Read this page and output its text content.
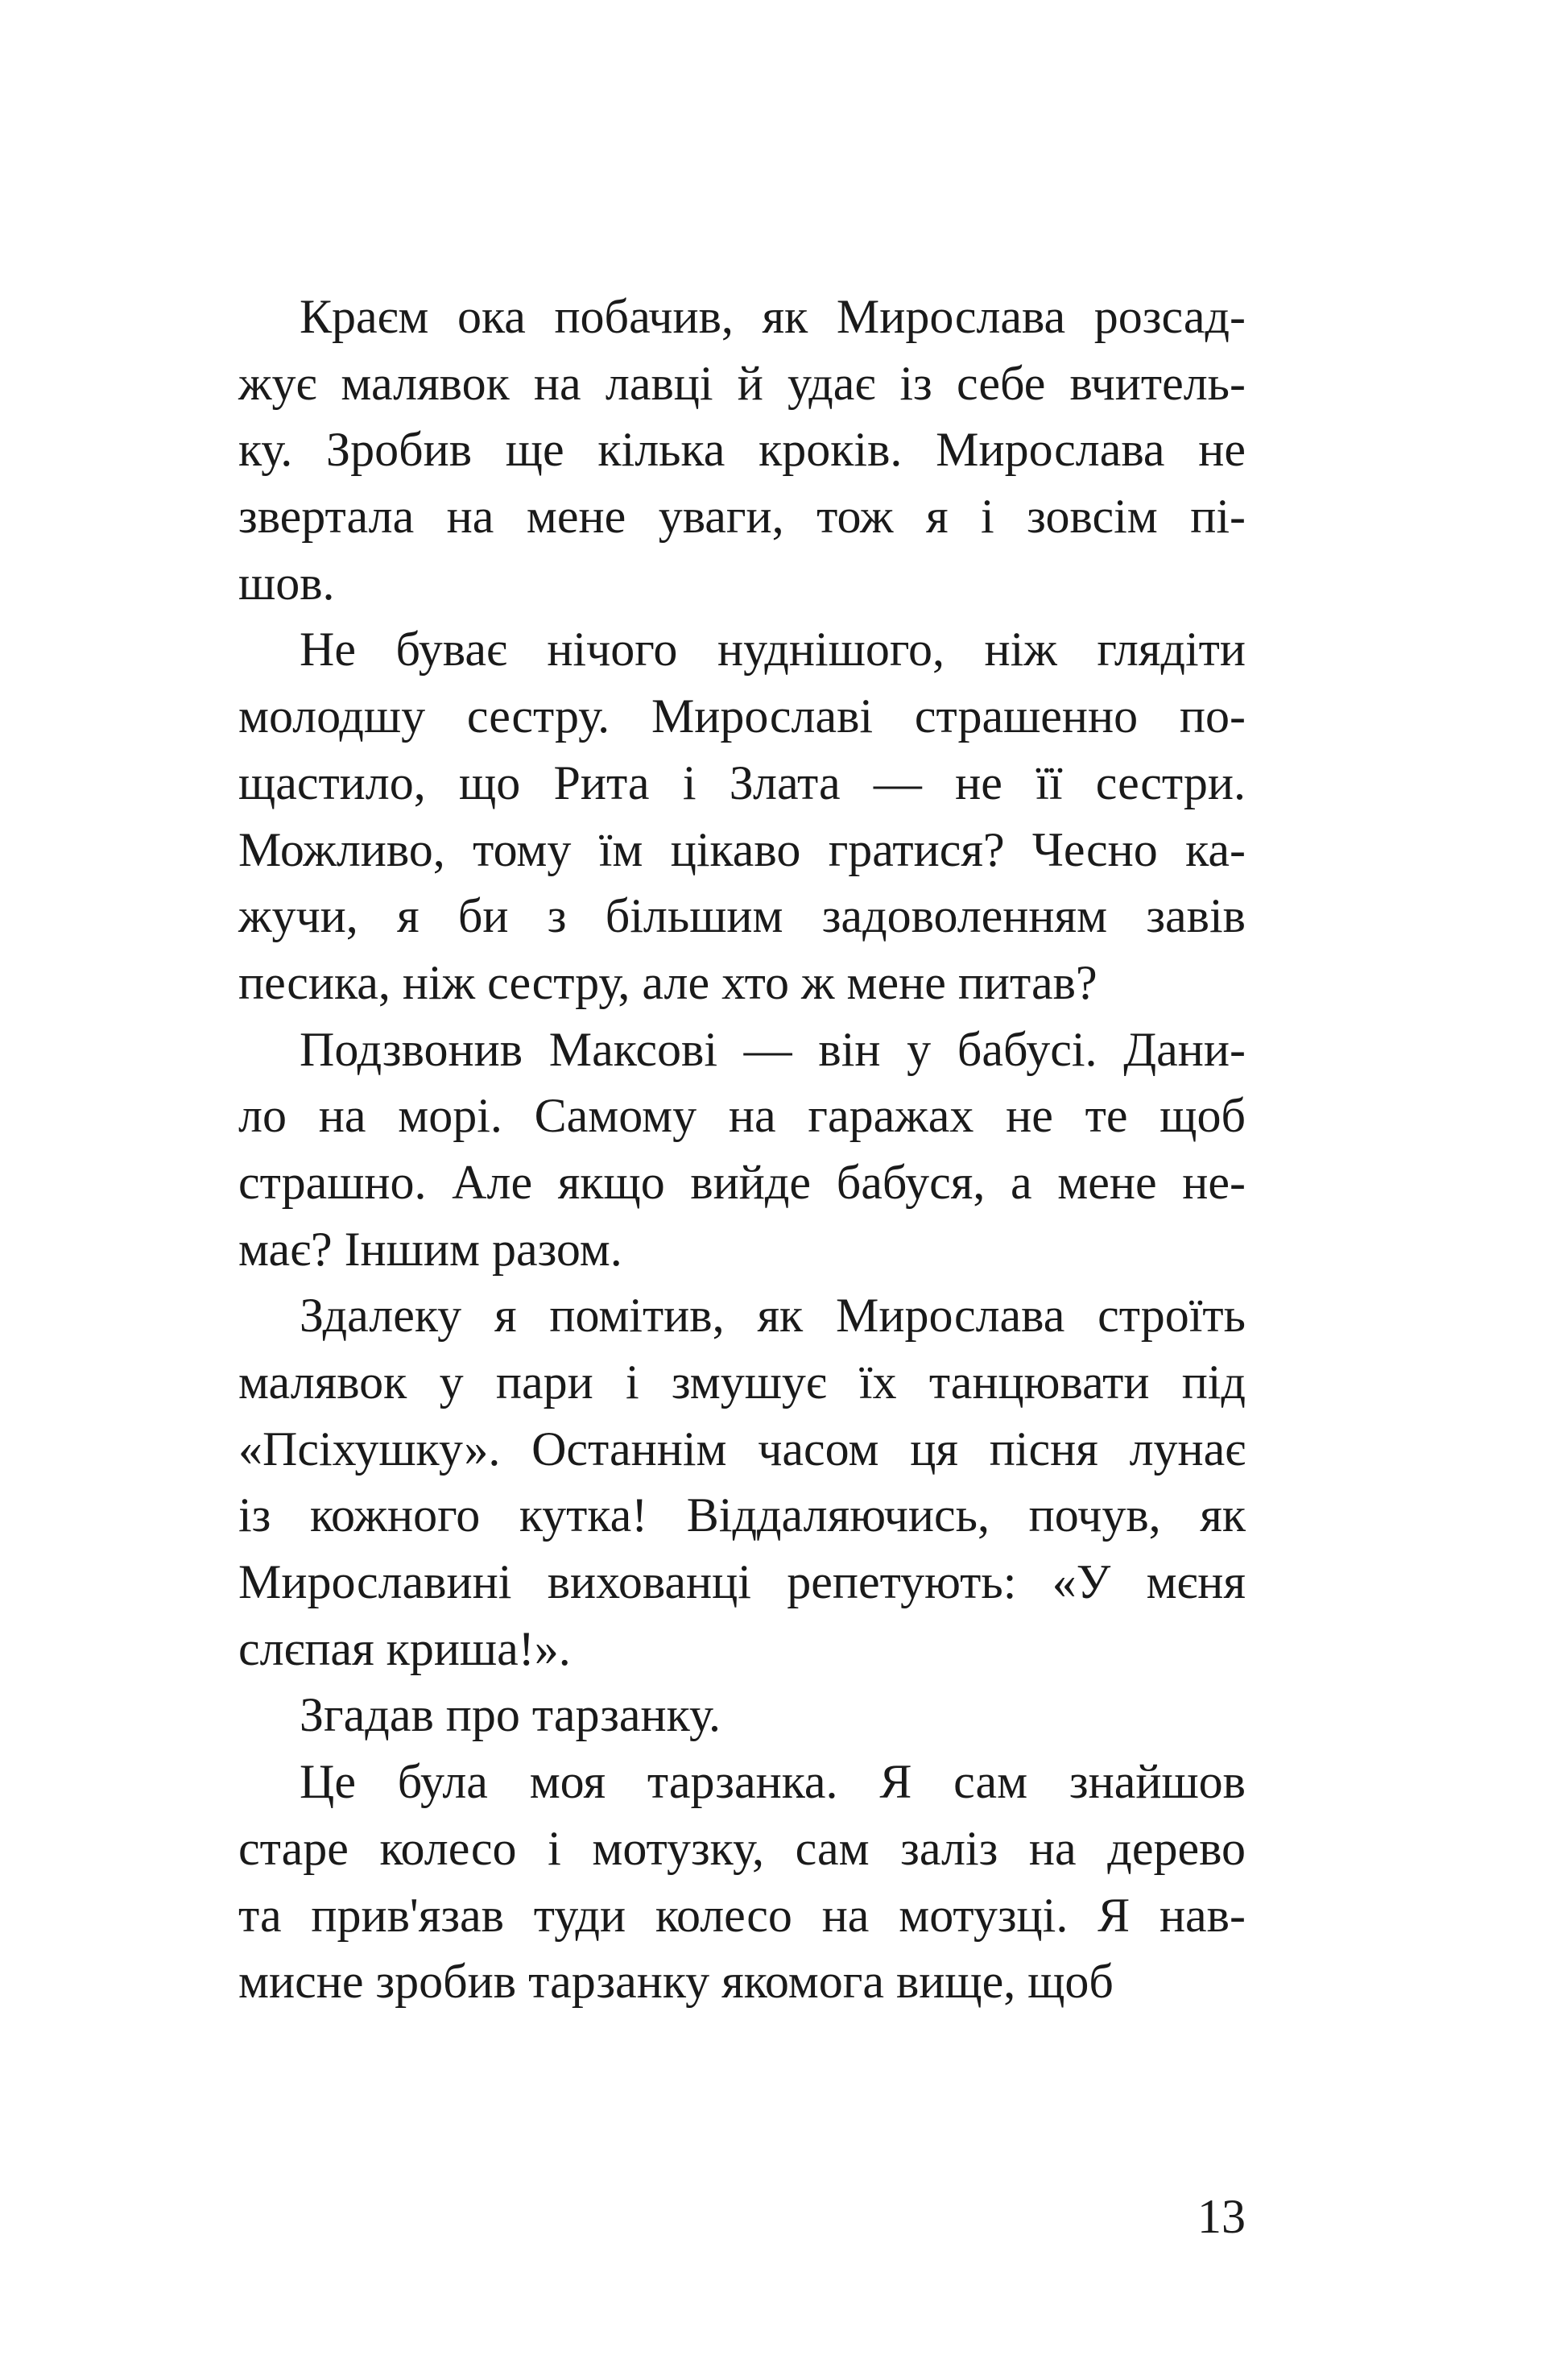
Краєм ока побачив, як Мирослава розсад-
жує малявок на лавці й удає із себе вчитель-
ку. Зробив ще кілька кроків. Мирослава не
звертала на мене уваги, тож я і зовсім пі-
шов.
Не буває нічого нуднішого, ніж глядіти
молодшу сестру. Мирославі страшенно по-
щастило, що Рита і Злата — не її сестри.
Можливо, тому їм цікаво гратися? Чесно ка-
жучи, я би з більшим задоволенням завів
песика, ніж сестру, але хто ж мене питав?
Подзвонив Максові — він у бабусі. Дани-
ло на морі. Самому на гаражах не те щоб
страшно. Але якщо вийде бабуся, а мене не-
має? Іншим разом.
Здалеку я помітив, як Мирослава строїть
малявок у пари і змушує їх танцювати під
«Псіхушку». Останнім часом ця пісня лунає
із кожного кутка! Віддаляючись, почув, як
Мирославині вихованці репетують: «У мєня
слєпая криша!».
Згадав про тарзанку.
Це була моя тарзанка. Я сам знайшов
старе колесо і мотузку, сам заліз на дерево
та прив'язав туди колесо на мотузці. Я нав-
мисне зробив тарзанку якомога вище, щоб
13
